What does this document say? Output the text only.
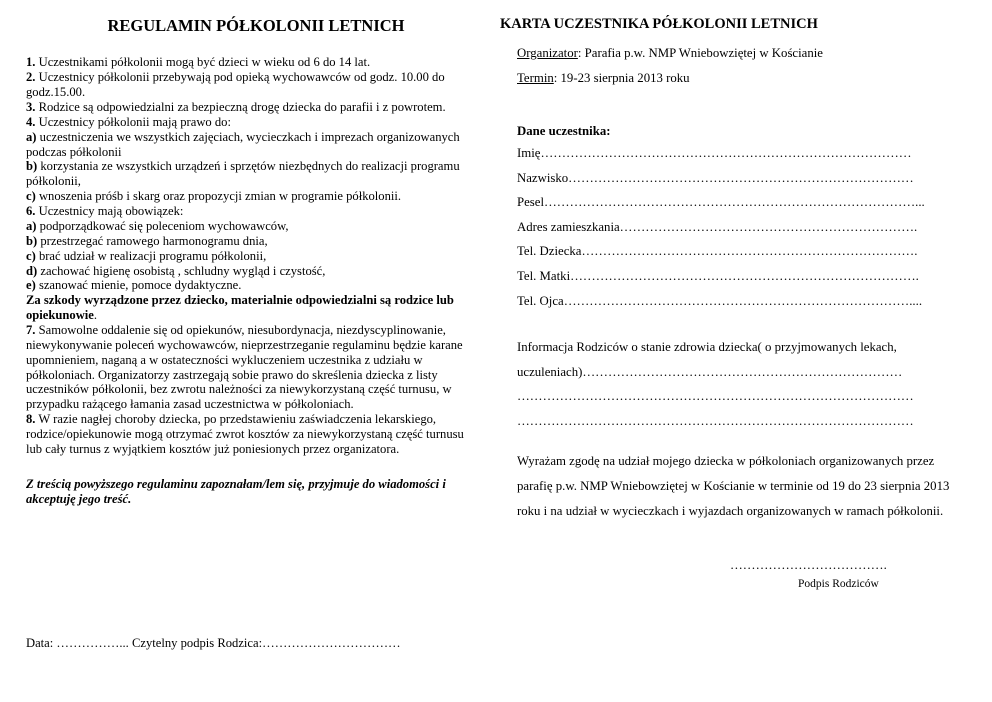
REGULAMIN PÓŁKOLONII LETNICH

1. Uczestnikami półkolonii mogą być dzieci w wieku od 6 do 14 lat.

2. Uczestnicy półkolonii przebywają pod opieką wychowawców od godz. 10.00 do godz.15.00.

3. Rodzice są odpowiedzialni za bezpieczną drogę dziecka do parafii i z powrotem.

4. Uczestnicy półkolonii mają prawo do:

a) uczestniczenia we wszystkich zajęciach, wycieczkach i imprezach organizowanych podczas półkolonii

b) korzystania ze wszystkich urządzeń i sprzętów niezbędnych do realizacji programu półkolonii,

c) wnoszenia próśb i skarg oraz propozycji zmian w programie półkolonii.

6. Uczestnicy mają obowiązek:

a) podporządkować się poleceniom wychowawców,

b) przestrzegać ramowego harmonogramu dnia,

c) brać udział w realizacji programu półkolonii,

d) zachować higienę osobistą , schludny wygląd i czystość,

e) szanować mienie, pomoce dydaktyczne.

Za szkody wyrządzone przez dziecko, materialnie odpowiedzialni są rodzice lub opiekunowie.

7. Samowolne oddalenie się od opiekunów, niesubordynacja, niezdyscyplinowanie,

niewykonywanie poleceń wychowawców, nieprzestrzeganie regulaminu będzie karane

upomnieniem, naganą a w ostateczności wykluczeniem uczestnika z udziału w półkoloniach. Organizatorzy zastrzegają sobie prawo do skreślenia dziecka z listy uczestników półkolonii, bez zwrotu należności za niewykorzystaną część turnusu, w przypadku rażącego łamania zasad uczestnictwa w półkoloniach.

8. W razie nagłej choroby dziecka, po przedstawieniu zaświadczenia lekarskiego, rodzice/opiekunowie mogą otrzymać zwrot kosztów za niewykorzystaną część turnusu lub cały turnus z wyjątkiem kosztów już poniesionych przez organizatora.

Z treścią powyższego regulaminu zapoznałam/lem się, przyjmuje do wiadomości i akceptuję jego treść.

Data: ……………... Czytelny podpis Rodzica:……………………………
KARTA UCZESTNIKA PÓŁKOLONII LETNICH
Organizator: Parafia p.w. NMP Wniebowziętej w Kościanie
Termin: 19-23 sierpnia 2013 roku
Dane uczestnika:
Imię……………………………………………………………………………
Nazwisko………………………………………………………………………
Pesel……………………………………………………………………………...
Adres zamieszkania…………………………………………………………….
Tel. Dziecka…………………………………………………………………….
Tel. Matki……………………………………………………………………….
Tel. Ojca………………………………………………………………………....
Informacja Rodziców o stanie zdrowia dziecka( o przyjmowanych lekach, uczuleniach)…………………………………………………………………
…………………………………………………………………………………
…………………………………………………………………………………
Wyrażam zgodę na udział mojego dziecka w półkoloniach organizowanych przez parafię p.w. NMP Wniebowziętej w Kościanie w terminie od 19 do 23 sierpnia 2013 roku i na udział w wycieczkach i wyjazdach organizowanych w ramach półkolonii.
……………………………….
Podpis Rodziców
